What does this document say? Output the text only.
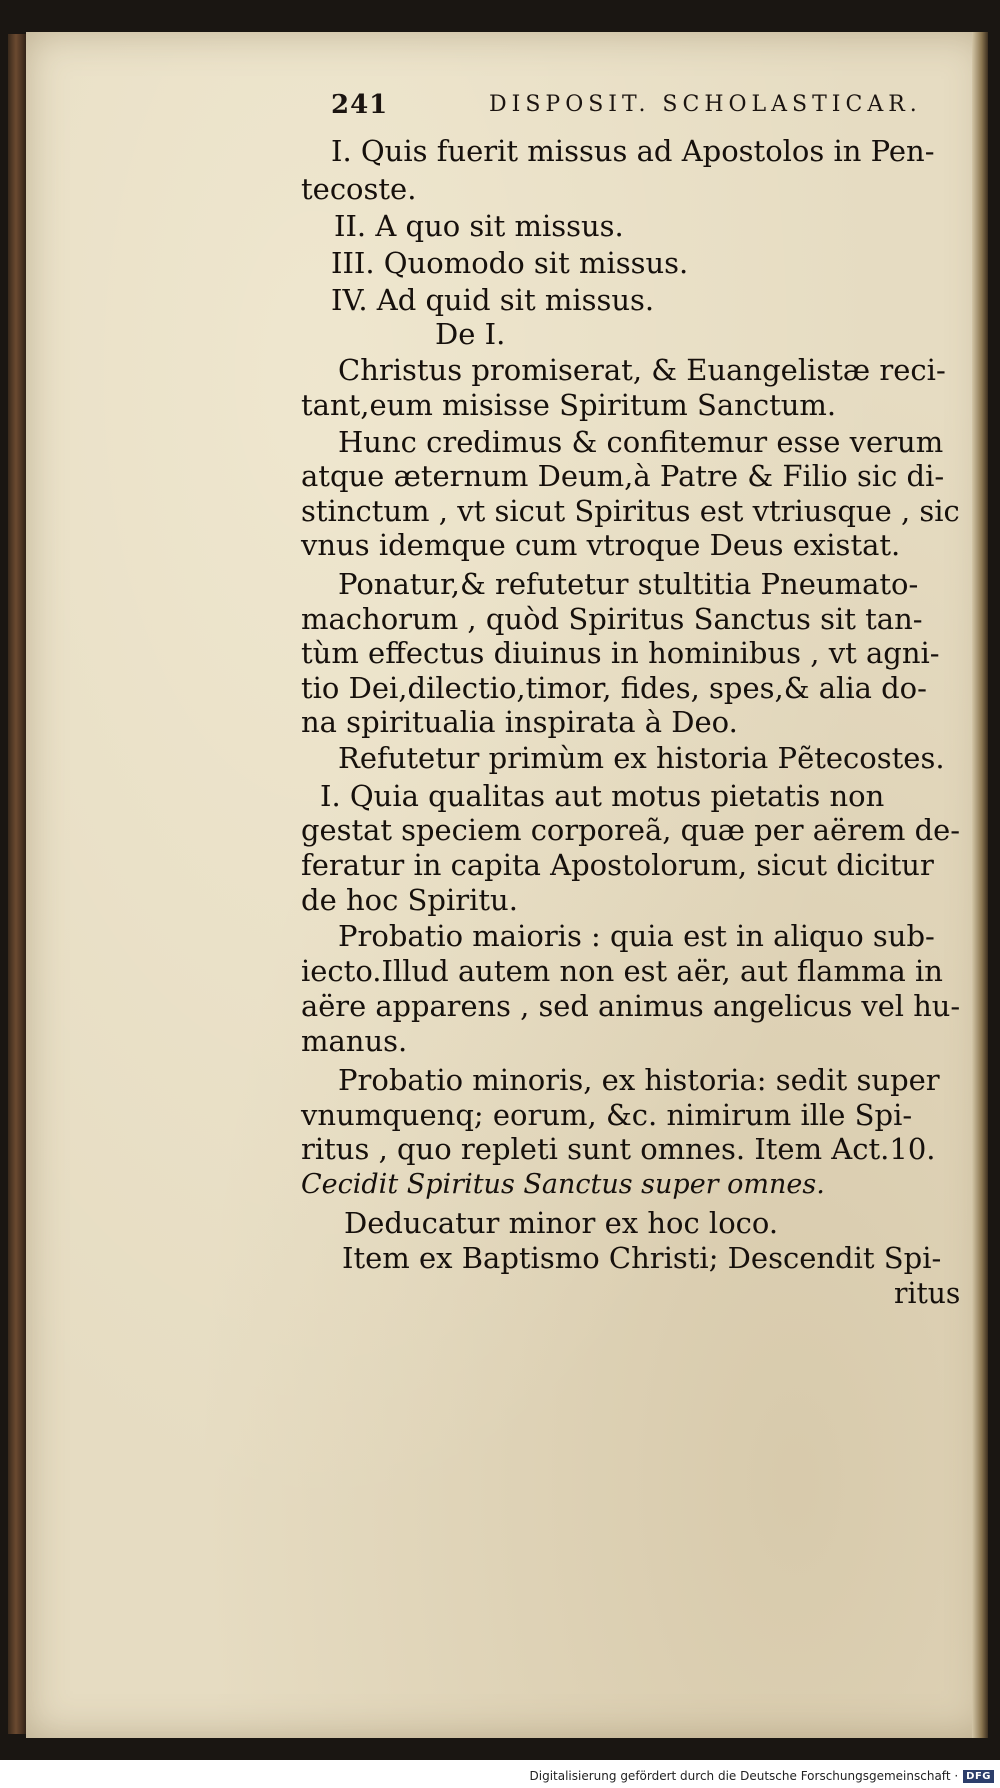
241	DISPOSIT. SCHOLASTICAR.
I. Quis fuerit missus ad Apostolos in Pen-
tecoste.
II. A quo sit missus.
III. Quomodo sit missus.
IV. Ad quid sit missus.
De I.
Christus promiserat, & Euangelistæ reci-
tant,eum misisse Spiritum Sanctum.
Hunc credimus & confitemur esse verum
atque æternum Deum,à Patre & Filio sic di-
stinctum , vt sicut Spiritus est vtriusque , sic
vnus idemque cum vtroque Deus existat.
Ponatur,& refutetur stultitia Pneumato-
machorum , quòd Spiritus Sanctus sit tan-
tùm effectus diuinus in hominibus , vt agni-
tio Dei,dilectio,timor, fides, spes,& alia do-
na spiritualia inspirata à Deo.
Refutetur primùm ex historia Pẽtecostes.
I. Quia qualitas aut motus pietatis non
gestat speciem corporeã, quæ per aërem de-
feratur in capita Apostolorum, sicut dicitur
de hoc Spiritu.
Probatio maioris : quia est in aliquo sub-
iecto.Illud autem non est aër, aut flamma in
aëre apparens , sed animus angelicus vel hu-
manus.
Probatio minoris, ex historia: sedit super
vnumquenq; eorum, &c. nimirum ille Spi-
ritus , quo repleti sunt omnes. Item Act.10.
Cecidit Spiritus Sanctus super omnes.
Deducatur minor ex hoc loco.
Item ex Baptismo Christi; Descendit Spi-
ritus
Digitalisierung gefördert durch die Deutsche Forschungsgemeinschaft · DFG
